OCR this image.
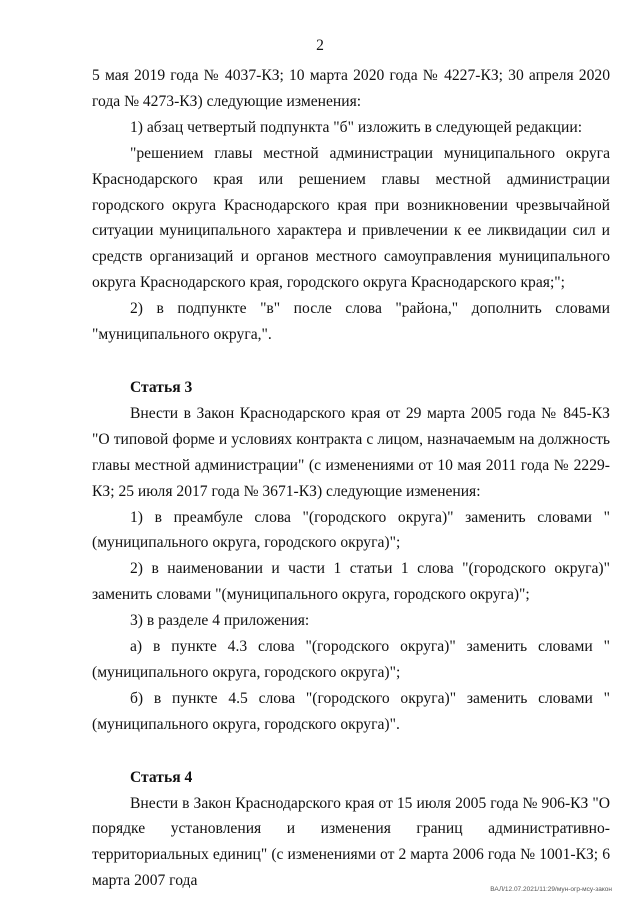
2

5 мая 2019 года № 4037-КЗ; 10 марта 2020 года № 4227-КЗ; 30 апреля 2020 года № 4273-КЗ) следующие изменения:

1) абзац четвертый подпункта "б" изложить в следующей редакции:

"решением главы местной администрации муниципального округа Краснодарского края или решением главы местной администрации городского округа Краснодарского края при возникновении чрезвычайной ситуации муниципального характера и привлечении к ее ликвидации сил и средств организаций и органов местного самоуправления муниципального округа Краснодарского края, городского округа Краснодарского края;";

2) в подпункте "в" после слова "района," дополнить словами "муниципального округа,".

Статья 3

Внести в Закон Краснодарского края от 29 марта 2005 года № 845-КЗ "О типовой форме и условиях контракта с лицом, назначаемым на должность главы местной администрации" (с изменениями от 10 мая 2011 года № 2229-КЗ; 25 июля 2017 года № 3671-КЗ) следующие изменения:

1) в преамбуле слова "(городского округа)" заменить словами "(муниципального округа, городского округа)";

2) в наименовании и части 1 статьи 1 слова "(городского округа)" заменить словами "(муниципального округа, городского округа)";

3) в разделе 4 приложения:

а) в пункте 4.3 слова "(городского округа)" заменить словами "(муниципального округа, городского округа)";

б) в пункте 4.5 слова "(городского округа)" заменить словами "(муниципального округа, городского округа)".

Статья 4

Внести в Закон Краснодарского края от 15 июля 2005 года № 906-КЗ "О порядке установления и изменения границ административно-территориальных единиц" (с изменениями от 2 марта 2006 года № 1001-КЗ; 6 марта 2007 года

ВАЛ/12.07.2021/11:29/мун-огр-мсу-закон
